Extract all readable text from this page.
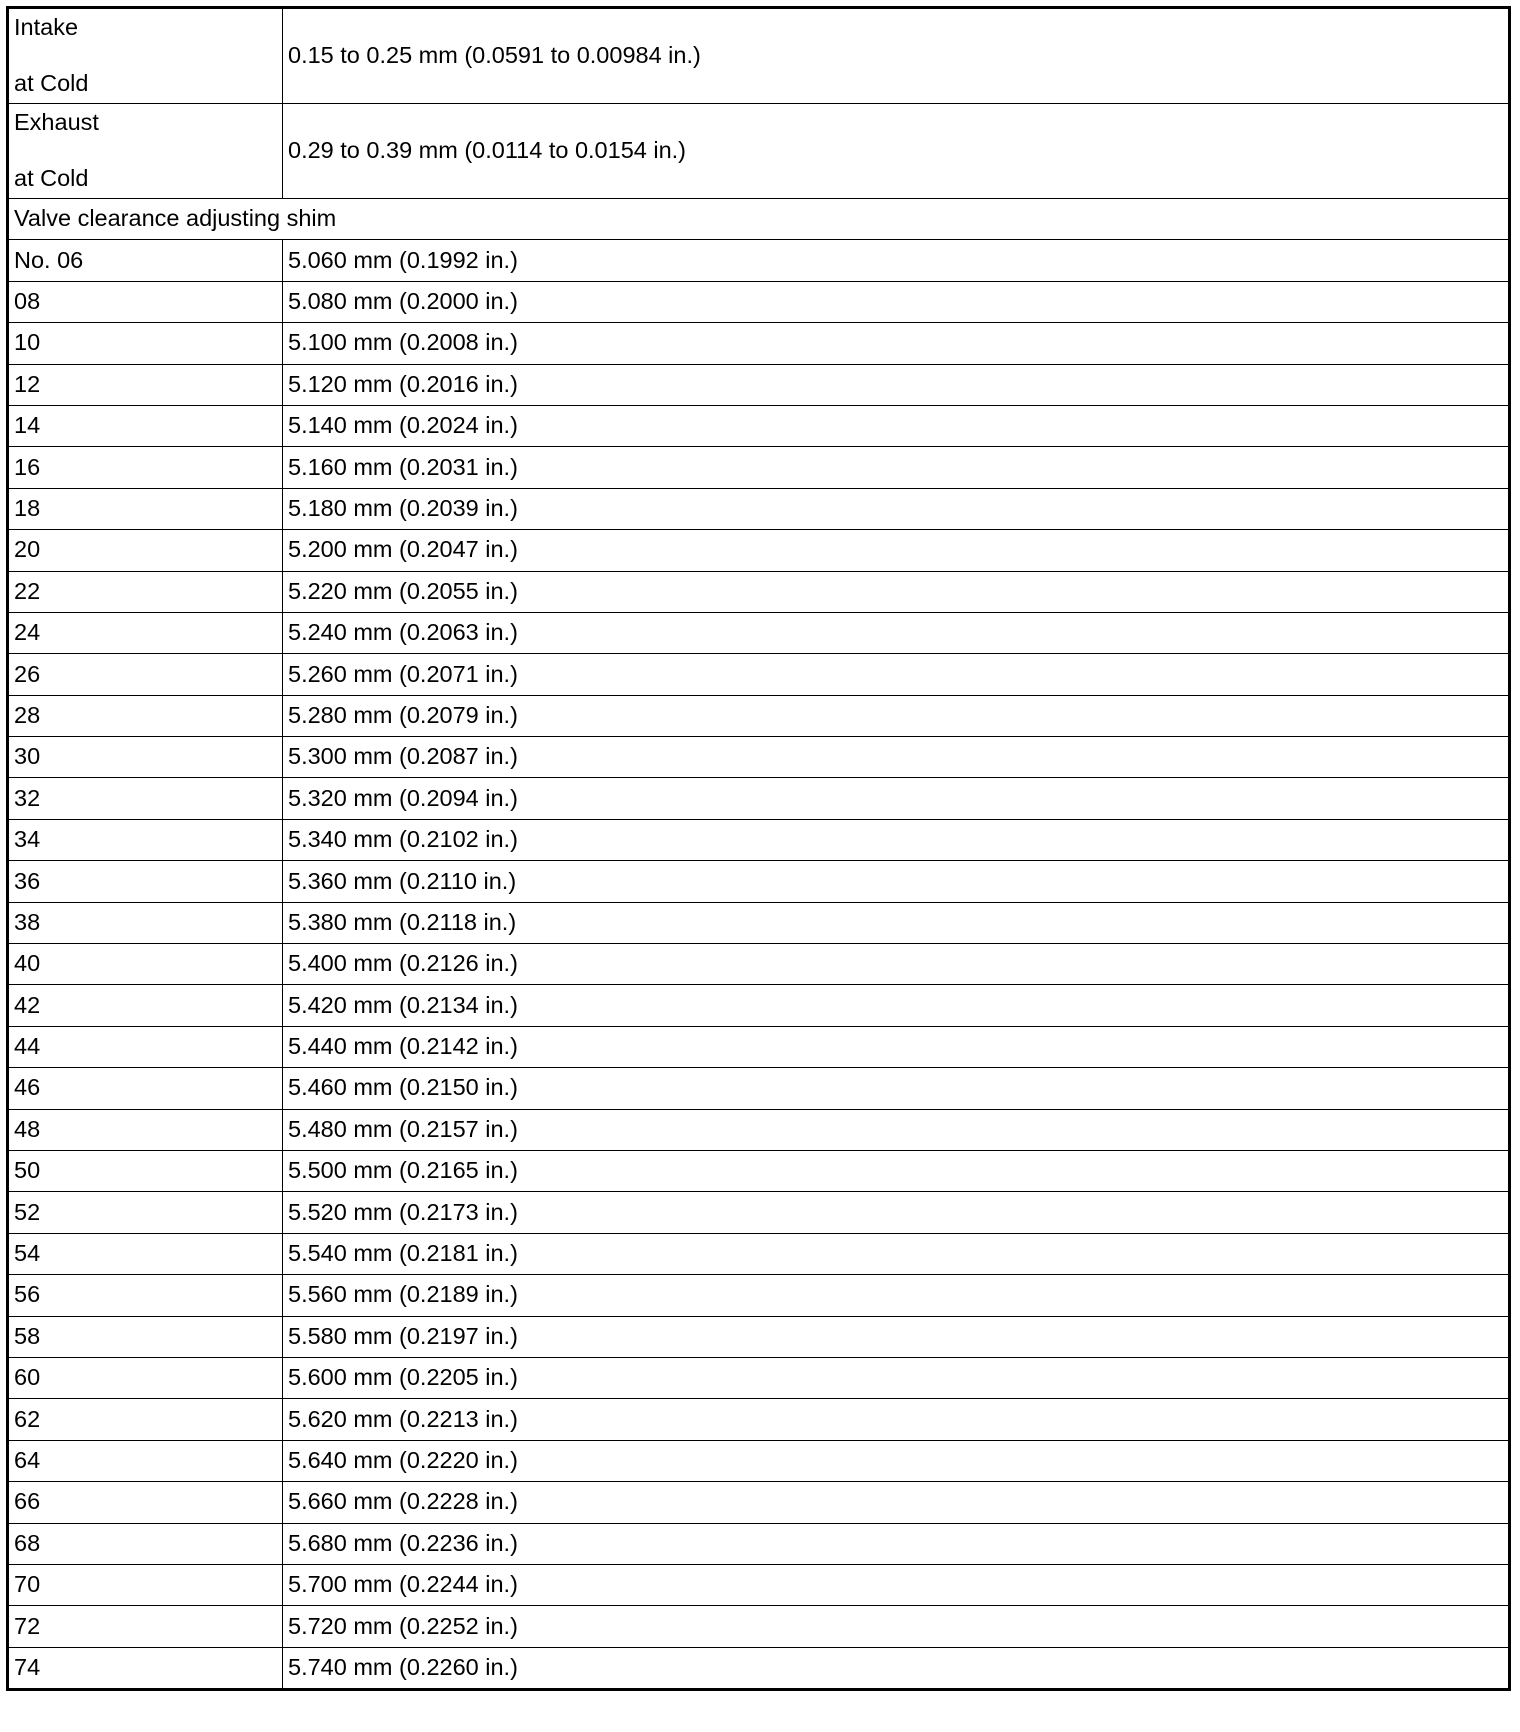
Intake
at Cold	0.15 to 0.25 mm (0.0591 to 0.00984 in.)

Exhaust
at Cold	0.29 to 0.39 mm (0.0114 to 0.0154 in.)
Valve clearance adjusting shim	
No. 06	5.060 mm (0.1992 in.)
08	5.080 mm (0.2000 in.)
10	5.100 mm (0.2008 in.)
12	5.120 mm (0.2016 in.)
14	5.140 mm (0.2024 in.)
16	5.160 mm (0.2031 in.)
18	5.180 mm (0.2039 in.)
20	5.200 mm (0.2047 in.)
22	5.220 mm (0.2055 in.)
24	5.240 mm (0.2063 in.)
26	5.260 mm (0.2071 in.)
28	5.280 mm (0.2079 in.)
30	5.300 mm (0.2087 in.)
32	5.320 mm (0.2094 in.)
34	5.340 mm (0.2102 in.)
36	5.360 mm (0.2110 in.)
38	5.380 mm (0.2118 in.)
40	5.400 mm (0.2126 in.)
42	5.420 mm (0.2134 in.)
44	5.440 mm (0.2142 in.)
46	5.460 mm (0.2150 in.)
48	5.480 mm (0.2157 in.)
50	5.500 mm (0.2165 in.)
52	5.520 mm (0.2173 in.)
54	5.540 mm (0.2181 in.)
56	5.560 mm (0.2189 in.)
58	5.580 mm (0.2197 in.)
60	5.600 mm (0.2205 in.)
62	5.620 mm (0.2213 in.)
64	5.640 mm (0.2220 in.)
66	5.660 mm (0.2228 in.)
68	5.680 mm (0.2236 in.)
70	5.700 mm (0.2244 in.)
72	5.720 mm (0.2252 in.)
74	5.740 mm (0.2260 in.)
